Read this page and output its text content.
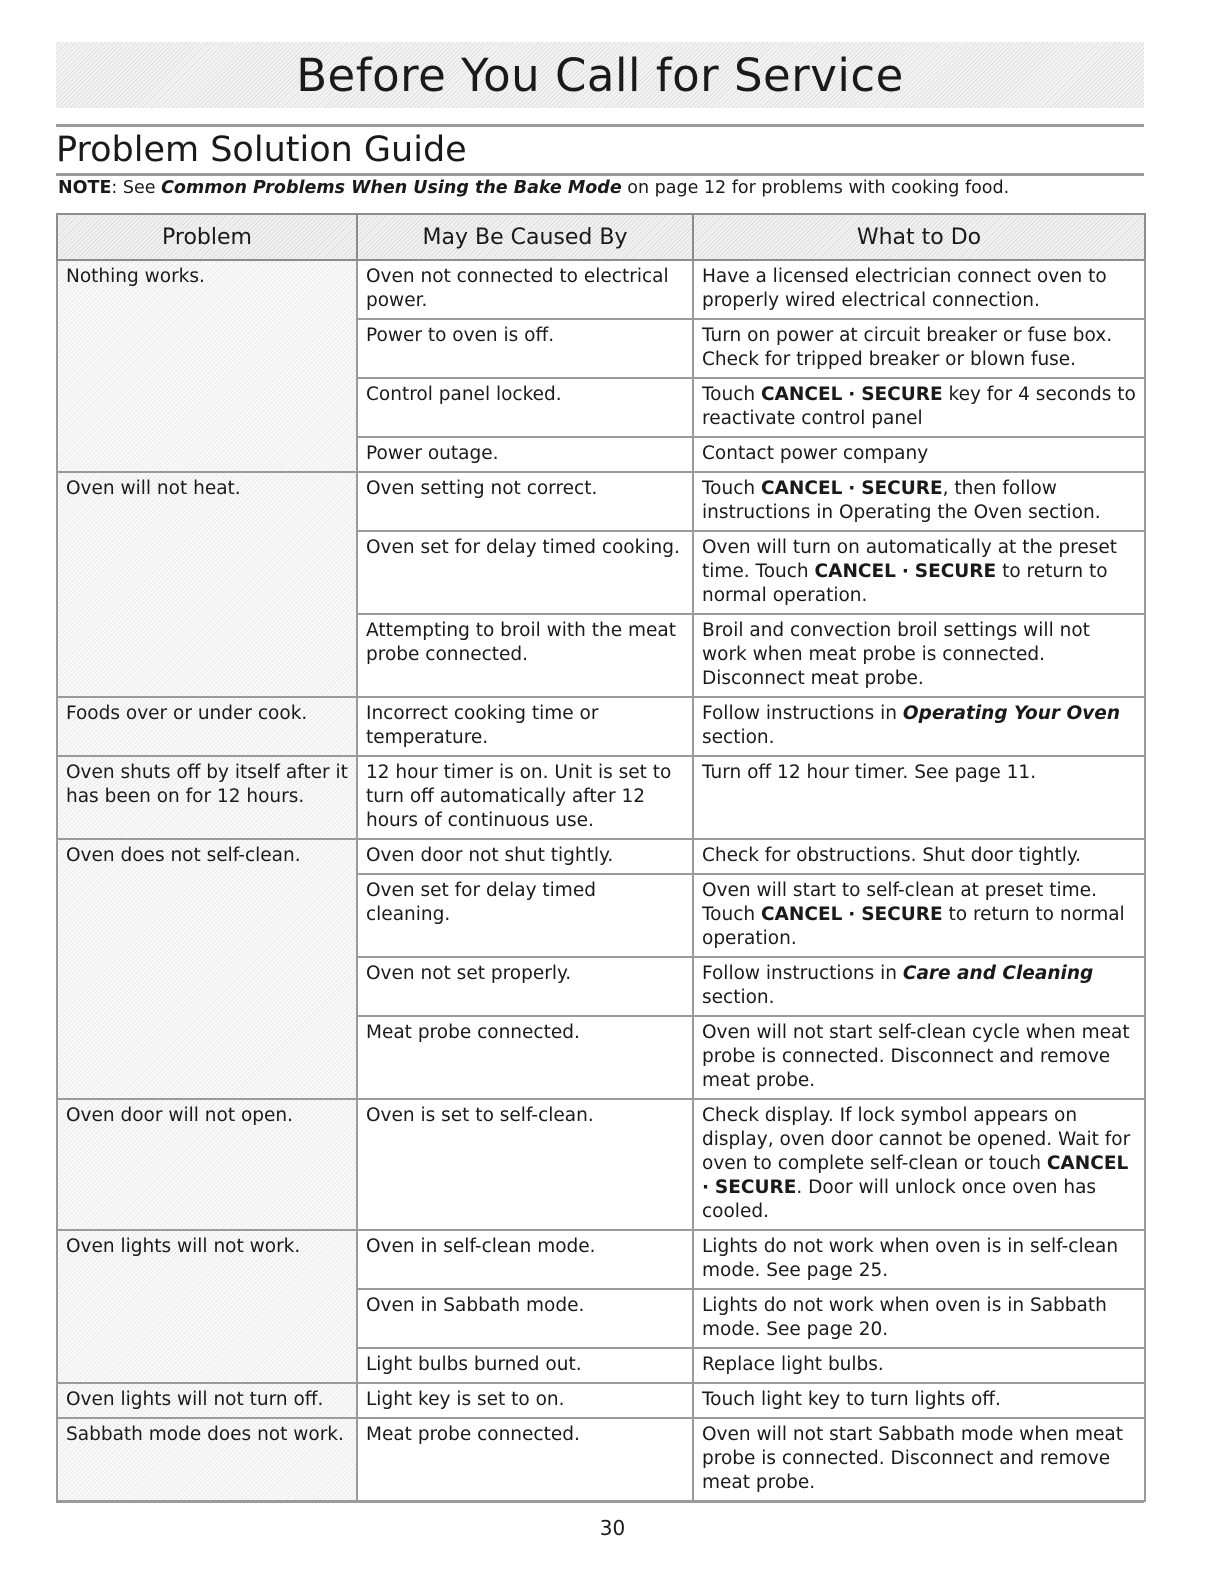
Before You Call for Service
Problem Solution Guide
NOTE: See Common Problems When Using the Bake Mode on page 12 for problems with cooking food.
Problem	May Be Caused By	What to Do
Nothing works.	Oven not connected to electrical power.	Have a licensed electrician connect oven to properly wired electrical connection.
	Power to oven is off.	Turn on power at circuit breaker or fuse box. Check for tripped breaker or blown fuse.
	Control panel locked.	Touch CANCEL · SECURE key for 4 seconds to reactivate control panel
	Power outage.	Contact power company
Oven will not heat.	Oven setting not correct.	Touch CANCEL · SECURE, then follow instructions in Operating the Oven section.
	Oven set for delay timed cooking.	Oven will turn on automatically at the preset time. Touch CANCEL · SECURE to return to normal operation.
	Attempting to broil with the meat probe connected.	Broil and convection broil settings will not work when meat probe is connected. Disconnect meat probe.
Foods over or under cook.	Incorrect cooking time or temperature.	Follow instructions in Operating Your Oven section.
Oven shuts off by itself after it has been on for 12 hours.	12 hour timer is on. Unit is set to turn off automatically after 12 hours of continuous use.	Turn off 12 hour timer. See page 11.
Oven does not self-clean.	Oven door not shut tightly.	Check for obstructions. Shut door tightly.
	Oven set for delay timed cleaning.	Oven will start to self-clean at preset time. Touch CANCEL · SECURE to return to normal operation.
	Oven not set properly.	Follow instructions in Care and Cleaning section.
	Meat probe connected.	Oven will not start self-clean cycle when meat probe is connected. Disconnect and remove meat probe.
Oven door will not open.	Oven is set to self-clean.	Check display. If lock symbol appears on display, oven door cannot be opened. Wait for oven to complete self-clean or touch CANCEL · SECURE. Door will unlock once oven has cooled.
Oven lights will not work.	Oven in self-clean mode.	Lights do not work when oven is in self-clean mode. See page 25.
	Oven in Sabbath mode.	Lights do not work when oven is in Sabbath mode. See page 20.
	Light bulbs burned out.	Replace light bulbs.
Oven lights will not turn off.	Light key is set to on.	Touch light key to turn lights off.
Sabbath mode does not work.	Meat probe connected.	Oven will not start Sabbath mode when meat probe is connected. Disconnect and remove meat probe.
30
